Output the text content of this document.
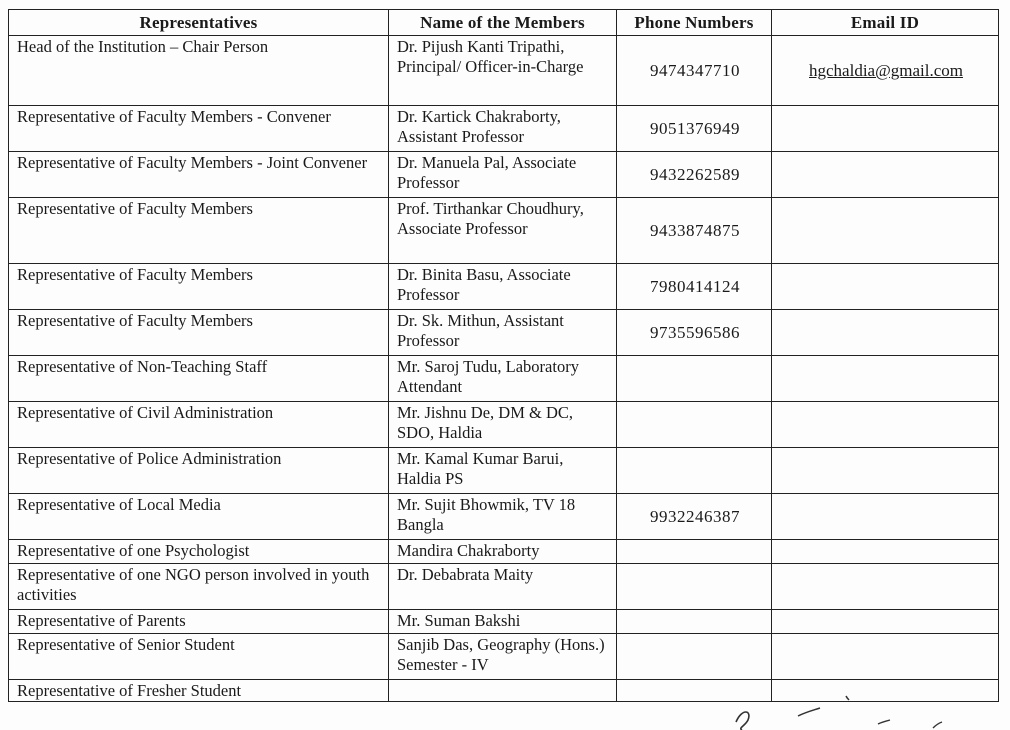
Representatives	Name of the Members	Phone Numbers	Email ID
Head of the Institution – Chair Person	Dr. Pijush Kanti Tripathi, Principal/ Officer-in-Charge	9474347710	hgchaldia@gmail.com
Representative of Faculty Members - Convener	Dr. Kartick Chakraborty, Assistant Professor	9051376949	
Representative of Faculty Members - Joint Convener	Dr. Manuela Pal, Associate Professor	9432262589	
Representative of Faculty Members	Prof. Tirthankar Choudhury, Associate Professor	9433874875	
Representative of Faculty Members	Dr. Binita Basu, Associate Professor	7980414124	
Representative of Faculty Members	Dr. Sk. Mithun, Assistant Professor	9735596586	
Representative of Non-Teaching Staff	Mr. Saroj Tudu, Laboratory Attendant		
Representative of Civil Administration	Mr. Jishnu De, DM & DC, SDO, Haldia		
Representative of Police Administration	Mr. Kamal Kumar Barui, Haldia PS		
Representative of Local Media	Mr. Sujit Bhowmik, TV 18 Bangla	9932246387	
Representative of one Psychologist	Mandira Chakraborty		
Representative of one NGO person involved in youth activities	Dr. Debabrata Maity		
Representative of Parents	Mr. Suman Bakshi		
Representative of Senior Student	Sanjib Das, Geography (Hons.) Semester - IV		
Representative of Fresher Student			
